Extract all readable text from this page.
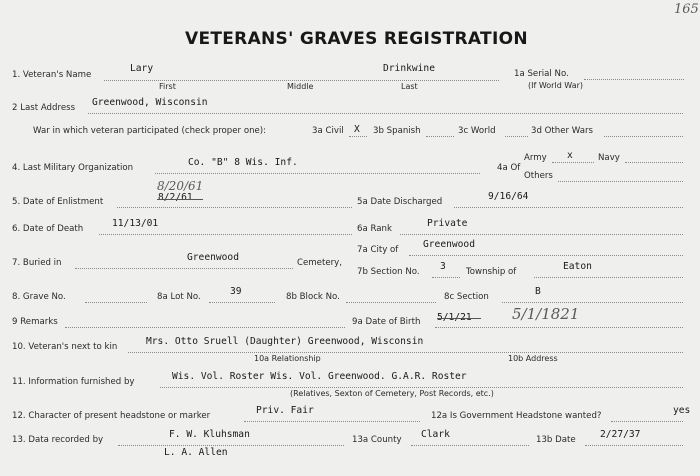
165
VETERANS' GRAVES REGISTRATION
1. Veteran's Name
Lary	Drinkwine
First	Middle	Last
1a Serial No.
(If World War)
2 Last Address Greenwood, Wisconsin
War in which veteran participated (check proper one):	3a Civil X 3b Spanish	3c World	3d Other Wars
4. Last Military Organization	Co. "B" 8 Wis. Inf.	4a Of
Army x	Navy
Others
8/20/61
5. Date of Enlistment	8/2/61	5a Date Discharged	9/16/64
6. Date of Death	11/13/01	6a Rank	Private
7a City of	Greenwood
7. Buried in	Greenwood	Cemetery,
7b Section No. 3 Township of	Eaton
8. Grave No.	8a Lot No.	39	8b Block No.	8c Section	B
9 Remarks	9a Date of Birth 5/1/21	5/1/1821
10. Veteran's next to kin	Mrs. Otto Sruell (Daughter) Greenwood, Wisconsin
10a Relationship	10b Address
11. Information furnished by	Wis. Vol. Roster Wis. Vol. Greenwood. G.A.R. Roster
(Relatives, Sexton of Cemetery, Post Records, etc.)
12. Character of present headstone or marker	Priv. Fair	12a Is Government Headstone wanted?	yes
13. Data recorded by	F. W. Kluhsman
L. A. Allen
13a County Clark	13b Date	2/27/37
